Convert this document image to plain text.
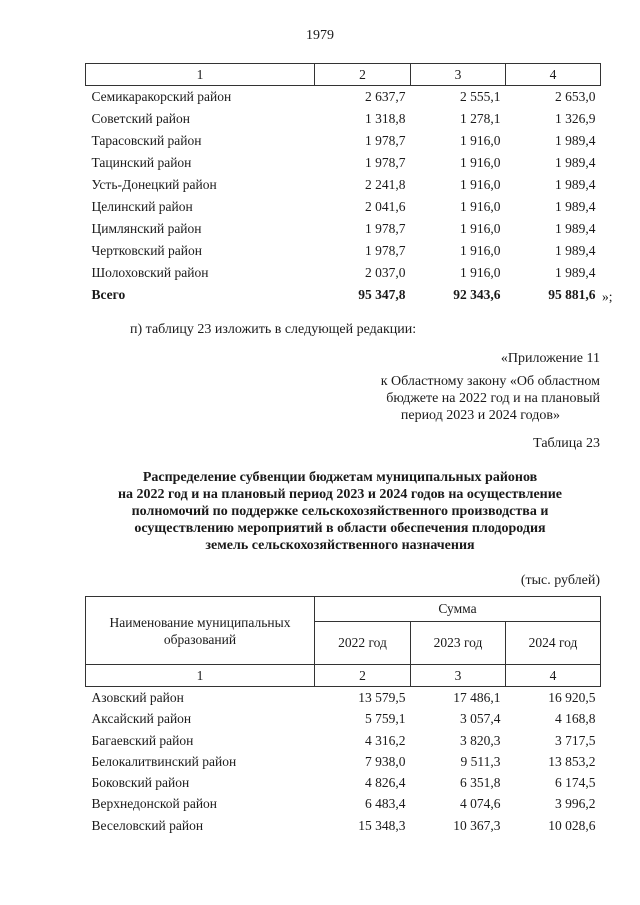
1979
1	2	3	4
Семикаракорский район	2 637,7	2 555,1	2 653,0
Советский район	1 318,8	1 278,1	1 326,9
Тарасовский район	1 978,7	1 916,0	1 989,4
Тацинский район	1 978,7	1 916,0	1 989,4
Усть-Донецкий район	2 241,8	1 916,0	1 989,4
Целинский район	2 041,6	1 916,0	1 989,4
Цимлянский район	1 978,7	1 916,0	1 989,4
Чертковский район	1 978,7	1 916,0	1 989,4
Шолоховский район	2 037,0	1 916,0	1 989,4
Всего	95 347,8	92 343,6	95 881,6 »;
п) таблицу 23 изложить в следующей редакции:
«Приложение 11
к Областному закону «Об областном
бюджете на 2022 год и на плановый
период 2023 и 2024 годов»
Таблица 23
Распределение субвенции бюджетам муниципальных районов
на 2022 год и на плановый период 2023 и 2024 годов на осуществление
полномочий по поддержке сельскохозяйственного производства и
осуществлению мероприятий в области обеспечения плодородия
земель сельскохозяйственного назначения
(тыс. рублей)
Наименование муниципальных
образований	Сумма		
	2022 год	2023 год	2024 год
1	2	3	4
Азовский район	13 579,5	17 486,1	16 920,5
Аксайский район	5 759,1	3 057,4	4 168,8
Багаевский район	4 316,2	3 820,3	3 717,5
Белокалитвинский район	7 938,0	9 511,3	13 853,2
Боковский район	4 826,4	6 351,8	6 174,5
Верхнедонской район	6 483,4	4 074,6	3 996,2
Веселовский район	15 348,3	10 367,3	10 028,6
